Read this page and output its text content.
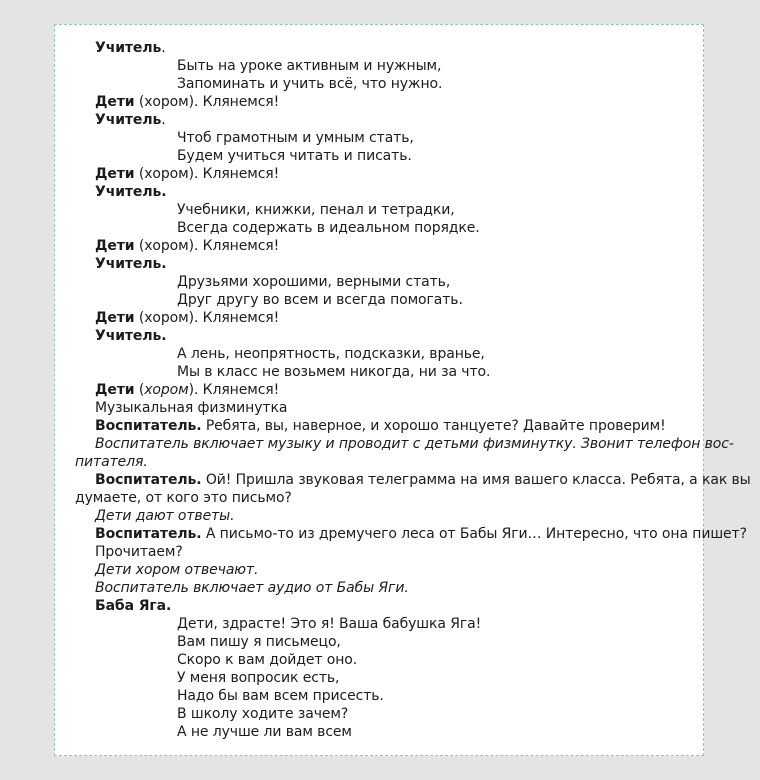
Учитель.
Быть на уроке активным и нужным,
Запоминать и учить всё, что нужно.
Дети (хором). Клянемся!
Учитель.
Чтоб грамотным и умным стать,
Будем учиться читать и писать.
Дети (хором). Клянемся!
Учитель.
Учебники, книжки, пенал и тетрадки,
Всегда содержать в идеальном порядке.
Дети (хором). Клянемся!
Учитель.
Друзьями хорошими, верными стать,
Друг другу во всем и всегда помогать.
Дети (хором). Клянемся!
Учитель.
А лень, неопрятность, подсказки, вранье,
Мы в класс не возьмем никогда, ни за что.
Дети (хором). Клянемся!
Музыкальная физминутка
Воспитатель. Ребята, вы, наверное, и хорошо танцуете? Давайте проверим!
Воспитатель включает музыку и проводит с детьми физминутку. Звонит телефон вос-
питателя.
Воспитатель. Ой! Пришла звуковая телеграмма на имя вашего класса. Ребята, а как вы
думаете, от кого это письмо?
Дети дают ответы.
Воспитатель. А письмо-то из дремучего леса от Бабы Яги… Интересно, что она пишет?
Прочитаем?
Дети хором отвечают.
Воспитатель включает аудио от Бабы Яги.
Баба Яга.
Дети, здрасте! Это я! Ваша бабушка Яга!
Вам пишу я письмецо,
Скоро к вам дойдет оно.
У меня вопросик есть,
Надо бы вам всем присесть.
В школу ходите зачем?
А не лучше ли вам всем
